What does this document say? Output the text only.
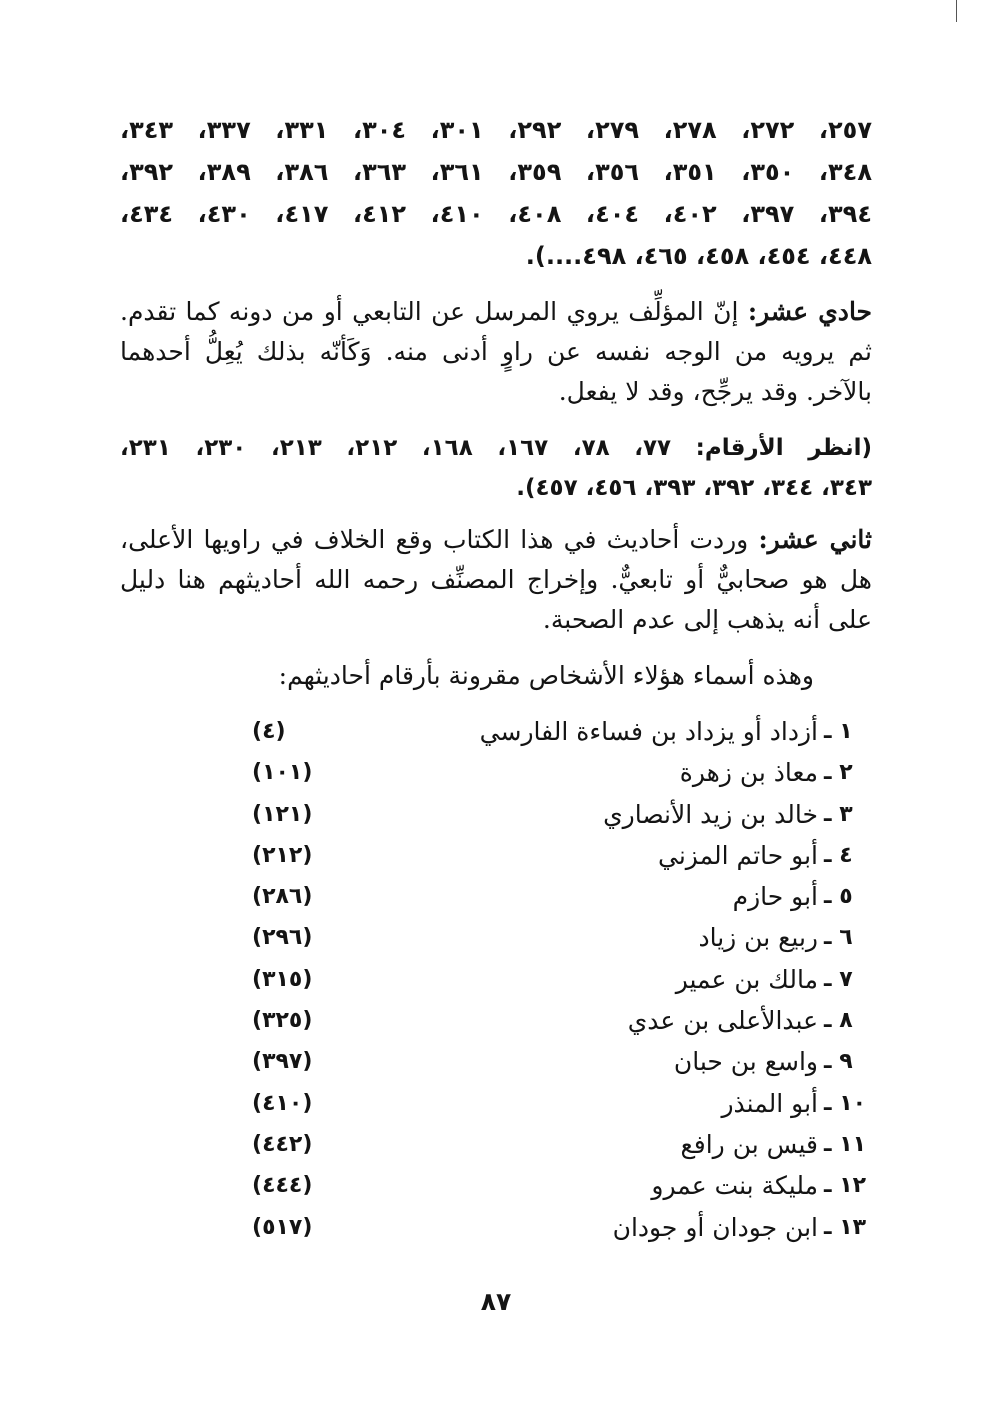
٢٥٧، ٢٧٢، ٢٧٨، ٢٧٩، ٢٩٢، ٣٠١، ٣٠٤، ٣٣١، ٣٣٧، ٣٤٣،
٣٤٨، ٣٥٠، ٣٥١، ٣٥٦، ٣٥٩، ٣٦١، ٣٦٣، ٣٨٦، ٣٨٩، ٣٩٢،
٣٩٤، ٣٩٧، ٤٠٢، ٤٠٤، ٤٠٨، ٤١٠، ٤١٢، ٤١٧، ٤٣٠، ٤٣٤،
٤٤٨، ٤٥٤، ٤٥٨، ٤٦٥، ٤٩٨....).
حادي عشر: إنّ المؤلِّف يروي المرسل عن التابعي أو من دونه كما تقدم. ثم يرويه من الوجه نفسه عن راوٍ أدنى منه. وَكَأنّه بذلك يُعِلُّ أحدهما بالآخر. وقد يرجِّح، وقد لا يفعل.
(انظر الأرقام: ٧٧، ٧٨، ١٦٧، ١٦٨، ٢١٢، ٢١٣، ٢٣٠، ٢٣١،
٣٤٣، ٣٤٤، ٣٩٢، ٣٩٣، ٤٥٦، ٤٥٧).
ثاني عشر: وردت أحاديث في هذا الكتاب وقع الخلاف في راويها الأعلى، هل هو صحابيٌّ أو تابعيٌّ. وإخراج المصنِّف رحمه الله أحاديثهم هنا دليل على أنه يذهب إلى عدم الصحبة.
وهذه أسماء هؤلاء الأشخاص مقرونة بأرقام أحاديثهم:
١ ـ
أزداد أو يزداد بن فساءة الفارسي
(٤)
٢ ـ
معاذ بن زهرة
(١٠١)
٣ ـ
خالد بن زيد الأنصاري
(١٢١)
٤ ـ
أبو حاتم المزني
(٢١٢)
٥ ـ
أبو حازم
(٢٨٦)
٦ ـ
ربيع بن زياد
(٢٩٦)
٧ ـ
مالك بن عمير
(٣١٥)
٨ ـ
عبدالأعلى بن عدي
(٣٢٥)
٩ ـ
واسع بن حبان
(٣٩٧)
١٠ ـ
أبو المنذر
(٤١٠)
١١ ـ
قيس بن رافع
(٤٤٢)
١٢ ـ
مليكة بنت عمرو
(٤٤٤)
١٣ ـ
ابن جودان أو جودان
(٥١٧)
٨٧
